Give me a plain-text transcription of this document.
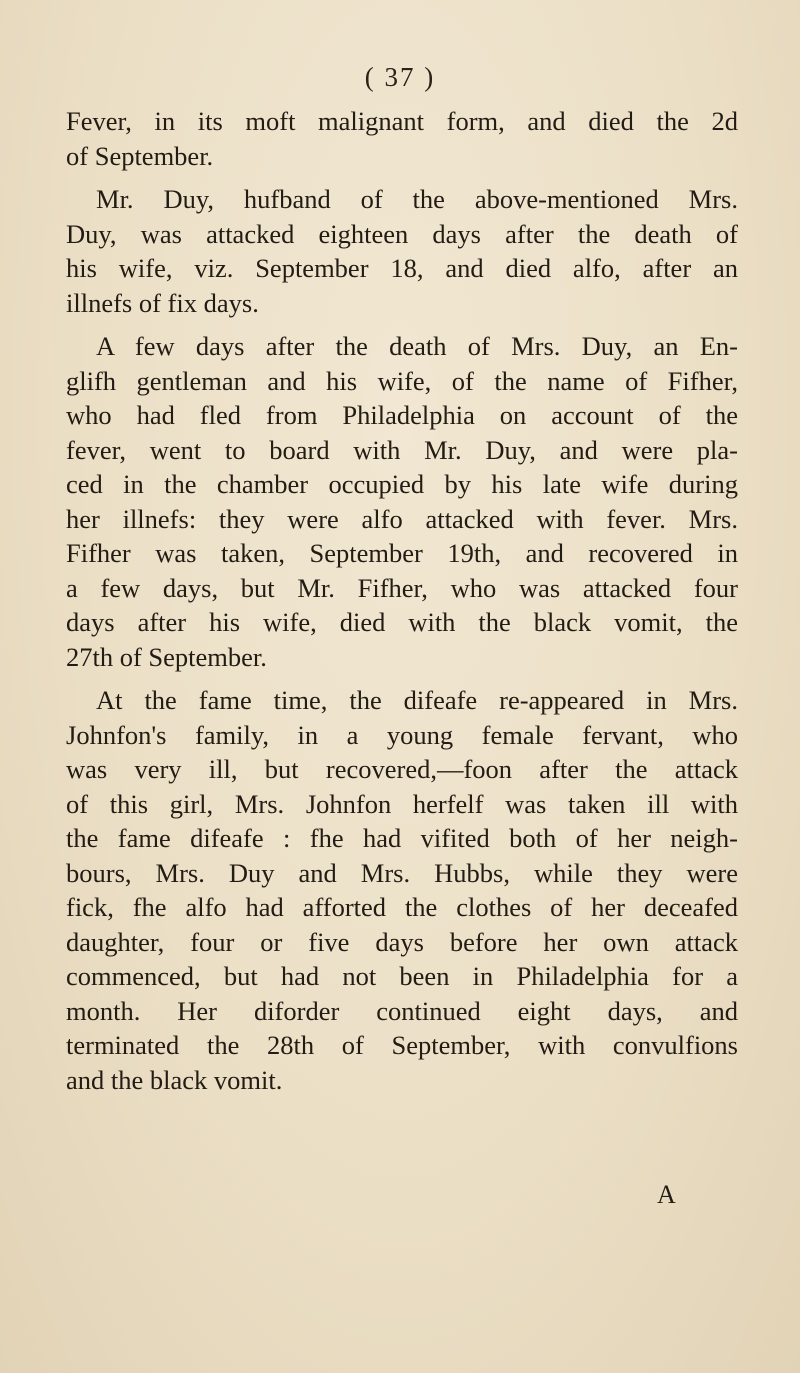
( 37 )
Fever, in its moft malignant form, and died the 2d
of September.
Mr. Duy, hufband of the above-mentioned Mrs.
Duy, was attacked eighteen days after the death of
his wife, viz. September 18, and died alfo, after an
illnefs of fix days.
A few days after the death of Mrs. Duy, an En-
glifh gentleman and his wife, of the name of Fifher,
who had fled from Philadelphia on account of the
fever, went to board with Mr. Duy, and were pla-
ced in the chamber occupied by his late wife during
her illnefs: they were alfo attacked with fever. Mrs.
Fifher was taken, September 19th, and recovered in
a few days, but Mr. Fifher, who was attacked four
days after his wife, died with the black vomit, the
27th of September.
At the fame time, the difeafe re-appeared in Mrs.
Johnfon's family, in a young female fervant, who
was very ill, but recovered,—foon after the attack
of this girl, Mrs. Johnfon herfelf was taken ill with
the fame difeafe : fhe had vifited both of her neigh-
bours, Mrs. Duy and Mrs. Hubbs, while they were
fick, fhe alfo had afforted the clothes of her deceafed
daughter, four or five days before her own attack
commenced, but had not been in Philadelphia for a
month. Her diforder continued eight days, and
terminated the 28th of September, with convulfions
and the black vomit.
A
